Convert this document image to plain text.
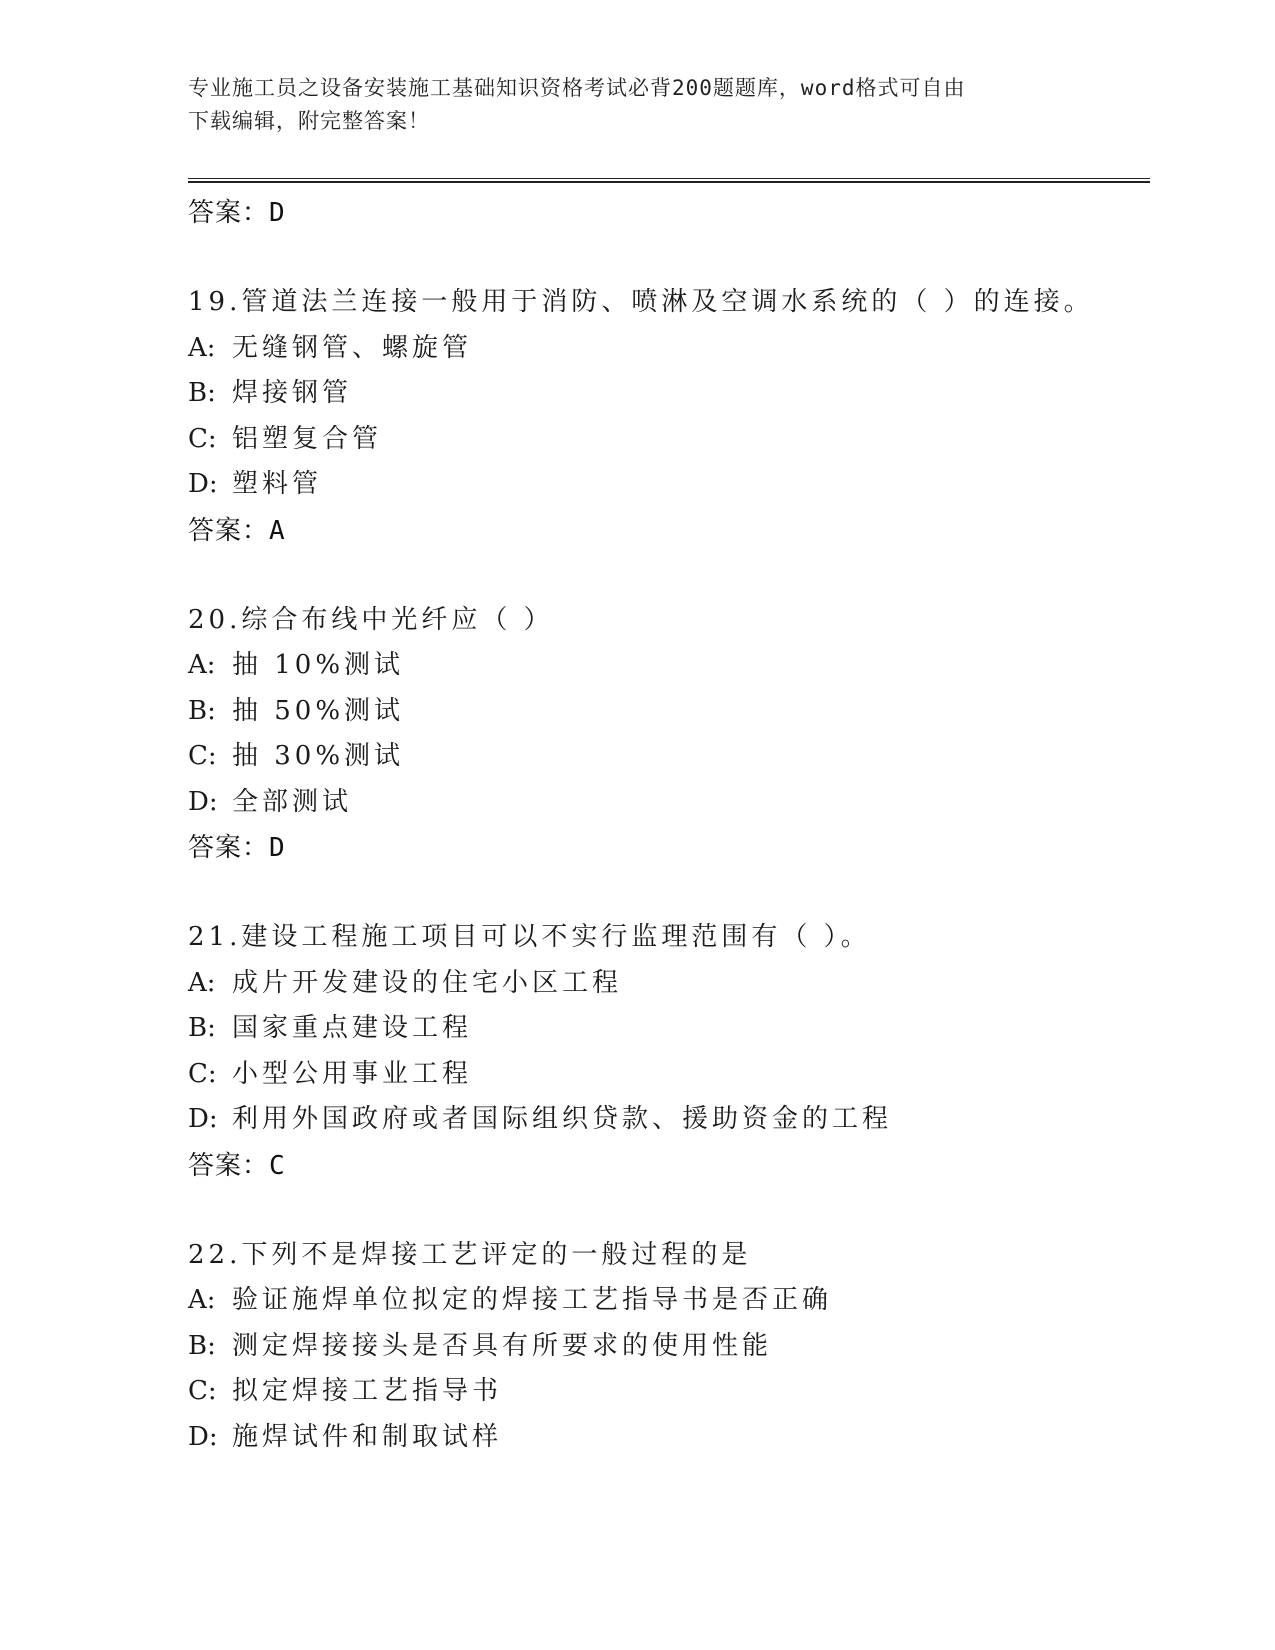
专业施工员之设备安装施工基础知识资格考试必背200题题库，word格式可自由
下载编辑，附完整答案！
答案：D
19.管道法兰连接一般用于消防、喷淋及空调水系统的（ ）的连接。
A: 无缝钢管、螺旋管
B: 焊接钢管
C: 铝塑复合管
D: 塑料管
答案：A
20.综合布线中光纤应（ ）
A: 抽 10%测试
B: 抽 50%测试
C: 抽 30%测试
D: 全部测试
答案：D
21.建设工程施工项目可以不实行监理范围有（ ）。
A: 成片开发建设的住宅小区工程
B: 国家重点建设工程
C: 小型公用事业工程
D: 利用外国政府或者国际组织贷款、援助资金的工程
答案：C
22.下列不是焊接工艺评定的一般过程的是
A: 验证施焊单位拟定的焊接工艺指导书是否正确
B: 测定焊接接头是否具有所要求的使用性能
C: 拟定焊接工艺指导书
D: 施焊试件和制取试样
